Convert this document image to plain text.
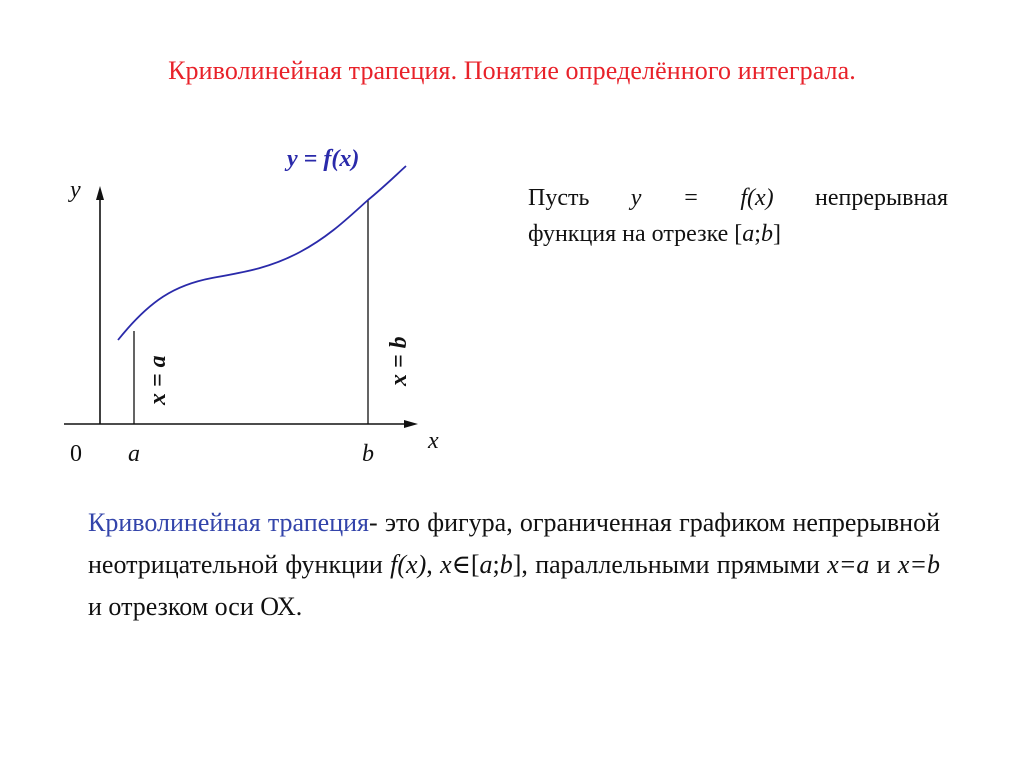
Криволинейная трапеция. Понятие определённого интеграла.
y = f(x)
y
x
0 a	b
x = a	x = b
Пусть y = f(x) непрерывная

функция на отрезке [a;b]
Криволинейная трапеция- это фигура, ограниченная графиком непрерывной неотрицательной функции f(x), x∈[a;b], параллельными прямыми x=a и x=b и отрезком оси ОХ.
